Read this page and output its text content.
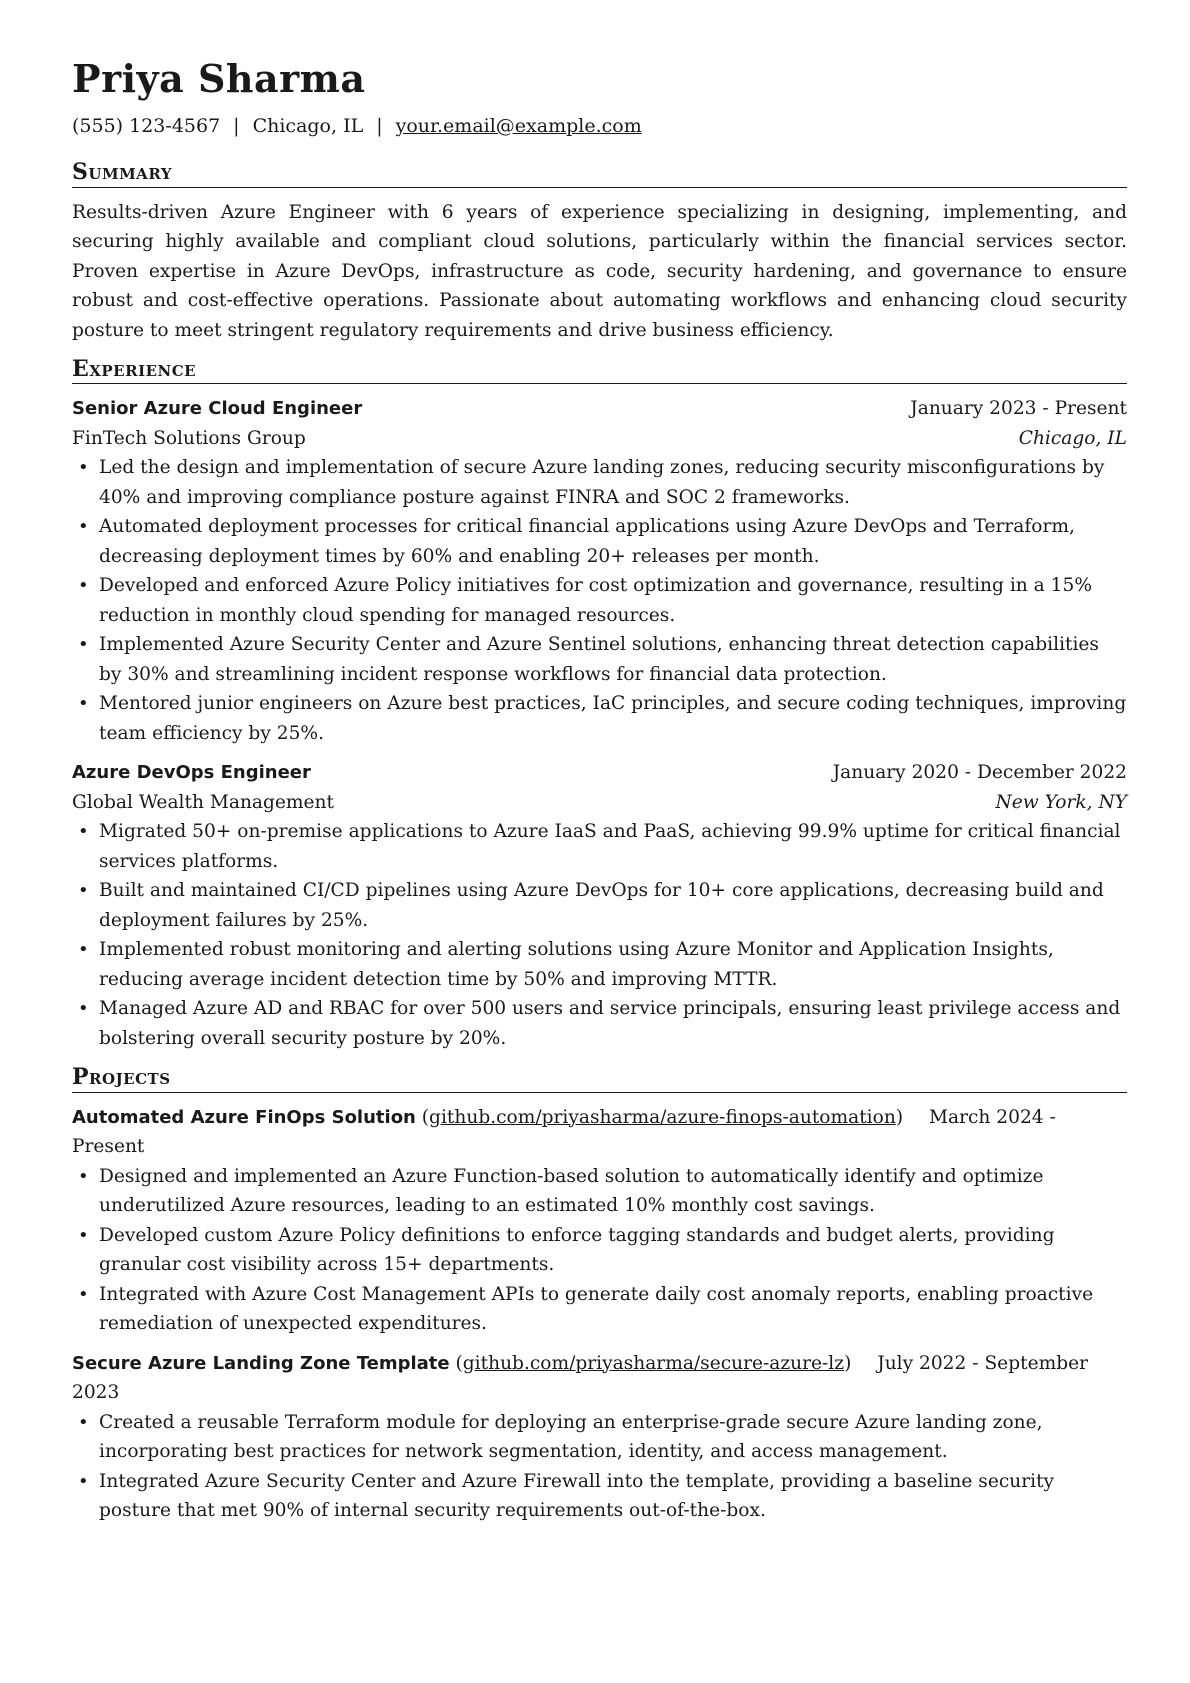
Priya Sharma
(555) 123-4567 | Chicago, IL | your.email@example.com
Summary

Results-driven Azure Engineer with 6 years of experience specializing in designing, implementing, and securing highly available and compliant cloud solutions, particularly within the financial services sector. Proven expertise in Azure DevOps, infrastructure as code, security hardening, and governance to ensure robust and cost-effective operations. Passionate about automating workflows and enhancing cloud security posture to meet stringent regulatory requirements and drive business efficiency.

Experience
Senior Azure Cloud Engineer	January 2023 - Present
FinTech Solutions Group	Chicago, IL
• Led the design and implementation of secure Azure landing zones, reducing security misconfigurations by 40% and improving compliance posture against FINRA and SOC 2 frameworks.
• Automated deployment processes for critical financial applications using Azure DevOps and Terraform, decreasing deployment times by 60% and enabling 20+ releases per month.
• Developed and enforced Azure Policy initiatives for cost optimization and governance, resulting in a 15% reduction in monthly cloud spending for managed resources.
• Implemented Azure Security Center and Azure Sentinel solutions, enhancing threat detection capabilities by 30% and streamlining incident response workflows for financial data protection.
• Mentored junior engineers on Azure best practices, IaC principles, and secure coding techniques, improving team efficiency by 25%.
Azure DevOps Engineer	January 2020 - December 2022
Global Wealth Management	New York, NY
• Migrated 50+ on-premise applications to Azure IaaS and PaaS, achieving 99.9% uptime for critical financial services platforms.
• Built and maintained CI/CD pipelines using Azure DevOps for 10+ core applications, decreasing build and deployment failures by 25%.
• Implemented robust monitoring and alerting solutions using Azure Monitor and Application Insights, reducing average incident detection time by 50% and improving MTTR.
• Managed Azure AD and RBAC for over 500 users and service principals, ensuring least privilege access and bolstering overall security posture by 20%.
Projects
Automated Azure FinOps Solution (github.com/priyasharma/azure-finops-automation) March 2024 - Present
• Designed and implemented an Azure Function-based solution to automatically identify and optimize underutilized Azure resources, leading to an estimated 10% monthly cost savings.
• Developed custom Azure Policy definitions to enforce tagging standards and budget alerts, providing granular cost visibility across 15+ departments.
• Integrated with Azure Cost Management APIs to generate daily cost anomaly reports, enabling proactive remediation of unexpected expenditures.
Secure Azure Landing Zone Template (github.com/priyasharma/secure-azure-lz) July 2022 - September 2023
• Created a reusable Terraform module for deploying an enterprise-grade secure Azure landing zone, incorporating best practices for network segmentation, identity, and access management.
• Integrated Azure Security Center and Azure Firewall into the template, providing a baseline security posture that met 90% of internal security requirements out-of-the-box.
